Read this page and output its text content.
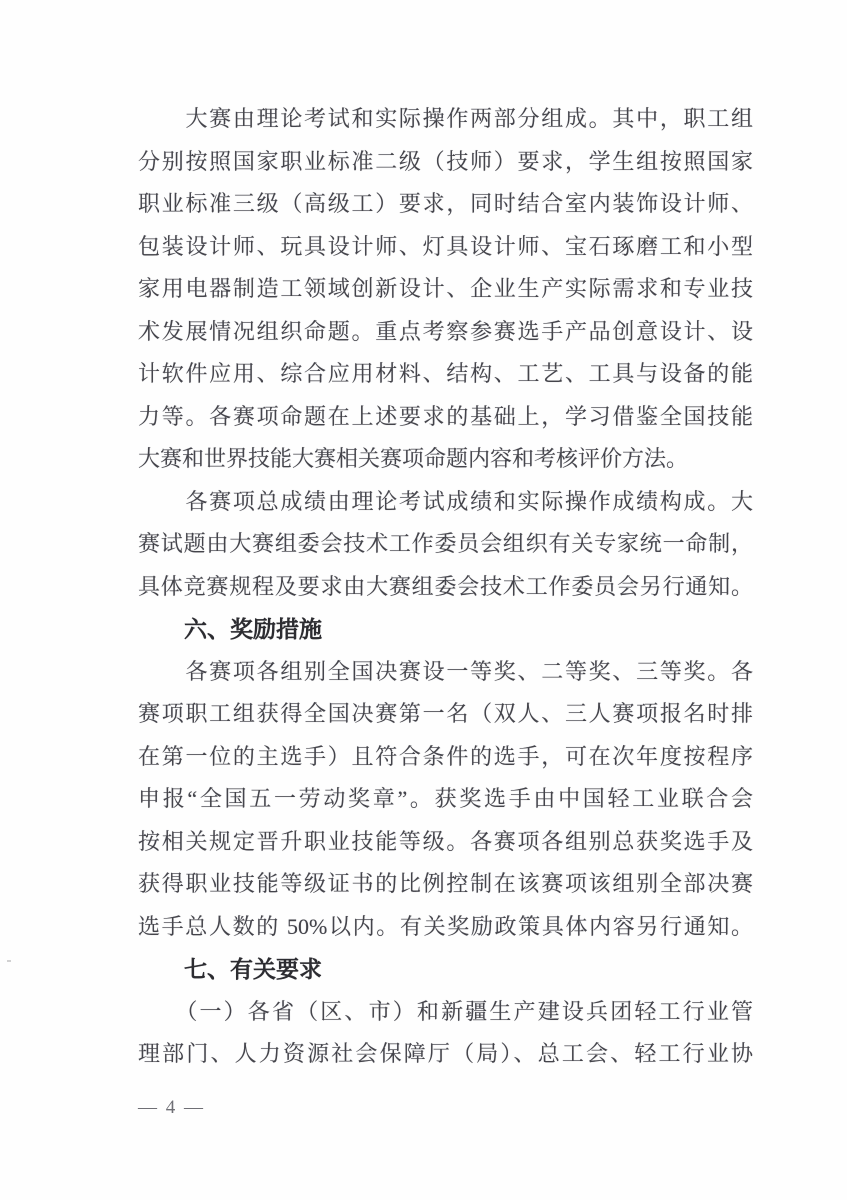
　　大赛由理论考试和实际操作两部分组成。其中，职工组
分别按照国家职业标准二级（技师）要求，学生组按照国家
职业标准三级（高级工）要求，同时结合室内装饰设计师、
包装设计师、玩具设计师、灯具设计师、宝石琢磨工和小型
家用电器制造工领域创新设计、企业生产实际需求和专业技
术发展情况组织命题。重点考察参赛选手产品创意设计、设
计软件应用、综合应用材料、结构、工艺、工具与设备的能
力等。各赛项命题在上述要求的基础上，学习借鉴全国技能
大赛和世界技能大赛相关赛项命题内容和考核评价方法。
　　各赛项总成绩由理论考试成绩和实际操作成绩构成。大
赛试题由大赛组委会技术工作委员会组织有关专家统一命制，
具体竞赛规程及要求由大赛组委会技术工作委员会另行通知。
　　六、奖励措施
　　各赛项各组别全国决赛设一等奖、二等奖、三等奖。各
赛项职工组获得全国决赛第一名（双人、三人赛项报名时排
在第一位的主选手）且符合条件的选手，可在次年度按程序
申报“全国五一劳动奖章”。获奖选手由中国轻工业联合会
按相关规定晋升职业技能等级。各赛项各组别总获奖选手及
获得职业技能等级证书的比例控制在该赛项该组别全部决赛
选手总人数的 50%以内。有关奖励政策具体内容另行通知。
　　七、有关要求
　　（一）各省（区、市）和新疆生产建设兵团轻工行业管
理部门、人力资源社会保障厅（局）、总工会、轻工行业协
— 4 —
